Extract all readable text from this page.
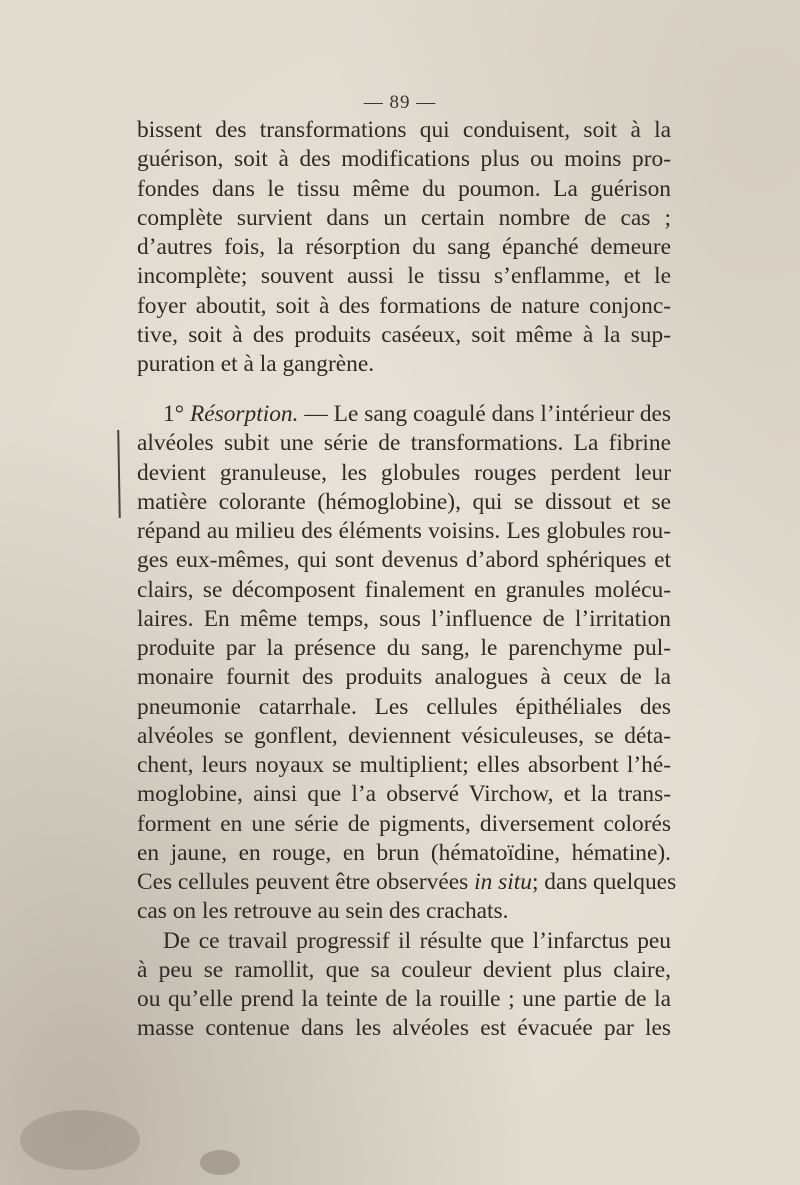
— 89 —
bissent des transformations qui conduisent, soit à la
guérison, soit à des modifications plus ou moins pro-
fondes dans le tissu même du poumon. La guérison
complète survient dans un certain nombre de cas ;
d’autres fois, la résorption du sang épanché demeure
incomplète; souvent aussi le tissu s’enflamme, et le
foyer aboutit, soit à des formations de nature conjonc-
tive, soit à des produits caséeux, soit même à la sup-
puration et à la gangrène.
1° Résorption. — Le sang coagulé dans l’intérieur des
alvéoles subit une série de transformations. La fibrine
devient granuleuse, les globules rouges perdent leur
matière colorante (hémoglobine), qui se dissout et se
répand au milieu des éléments voisins. Les globules rou-
ges eux-mêmes, qui sont devenus d’abord sphériques et
clairs, se décomposent finalement en granules molécu-
laires. En même temps, sous l’influence de l’irritation
produite par la présence du sang, le parenchyme pul-
monaire fournit des produits analogues à ceux de la
pneumonie catarrhale. Les cellules épithéliales des
alvéoles se gonflent, deviennent vésiculeuses, se déta-
chent, leurs noyaux se multiplient; elles absorbent l’hé-
moglobine, ainsi que l’a observé Virchow, et la trans-
forment en une série de pigments, diversement colorés
en jaune, en rouge, en brun (hématoïdine, hématine).
Ces cellules peuvent être observées in situ; dans quelques
cas on les retrouve au sein des crachats.
De ce travail progressif il résulte que l’infarctus peu
à peu se ramollit, que sa couleur devient plus claire,
ou qu’elle prend la teinte de la rouille ; une partie de la
masse contenue dans les alvéoles est évacuée par les
